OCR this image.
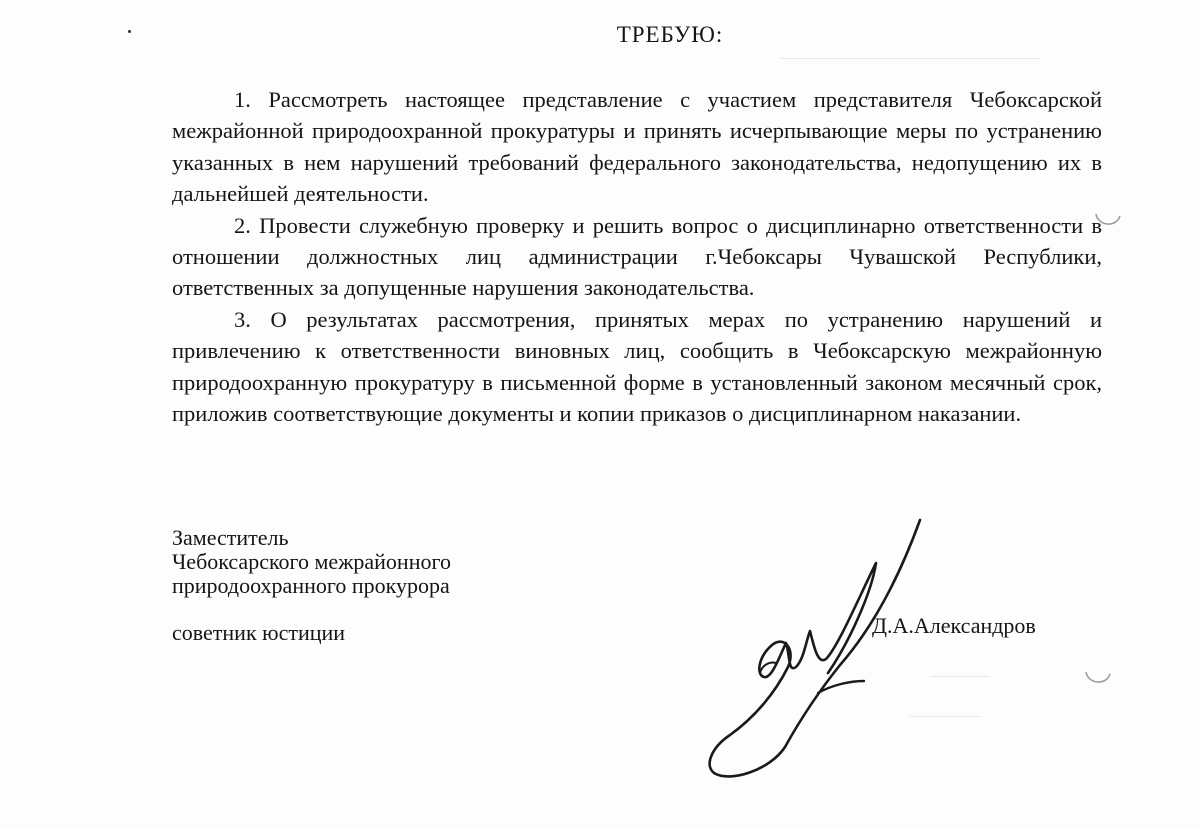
ТРЕБУЮ:

1. Рассмотреть настоящее представление с участием представителя Чебоксарской межрайонной природоохранной прокуратуры и принять исчерпывающие меры по устранению указанных в нем нарушений требований федерального законодательства, недопущению их в дальнейшей деятельности.

2. Провести служебную проверку и решить вопрос о дисциплинарно ответственности в отношении должностных лиц администрации г.Чебоксары Чувашской Республики, ответственных за допущенные нарушения законодательства.

3. О результатах рассмотрения, принятых мерах по устранению нарушений и привлечению к ответственности виновных лиц, сообщить в Чебоксарскую межрайонную природоохранную прокуратуру в письменной форме в установленный законом месячный срок, приложив соответствующие документы и копии приказов о дисциплинарном наказании.

Заместитель
Чебоксарского межрайонного
природоохранного прокурора
советник юстиции	Д.А.Александров
